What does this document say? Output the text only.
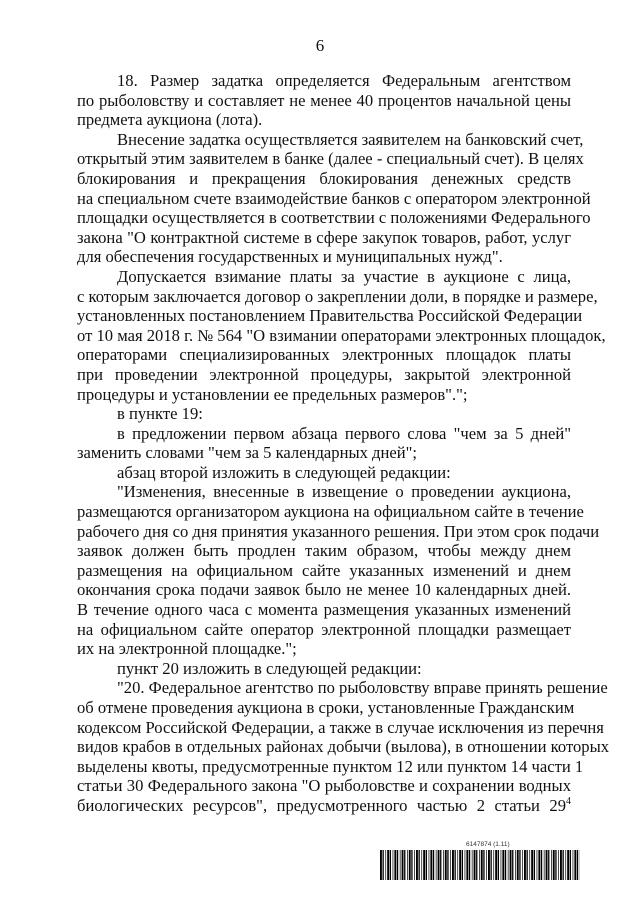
6
18. Размер задатка определяется Федеральным агентством
по рыболовству и составляет не менее 40 процентов начальной цены
предмета аукциона (лота).
Внесение задатка осуществляется заявителем на банковский счет,
открытый этим заявителем в банке (далее - специальный счет). В целях
блокирования и прекращения блокирования денежных средств
на специальном счете взаимодействие банков с оператором электронной
площадки осуществляется в соответствии с положениями Федерального
закона "О контрактной системе в сфере закупок товаров, работ, услуг
для обеспечения государственных и муниципальных нужд".
Допускается взимание платы за участие в аукционе с лица,
с которым заключается договор о закреплении доли, в порядке и размере,
установленных постановлением Правительства Российской Федерации
от 10 мая 2018 г. № 564 "О взимании операторами электронных площадок,
операторами специализированных электронных площадок платы
при проведении электронной процедуры, закрытой электронной
процедуры и установлении ее предельных размеров".";
в пункте 19:
в предложении первом абзаца первого слова "чем за 5 дней"
заменить словами "чем за 5 календарных дней";
абзац второй изложить в следующей редакции:
"Изменения, внесенные в извещение о проведении аукциона,
размещаются организатором аукциона на официальном сайте в течение
рабочего дня со дня принятия указанного решения. При этом срок подачи
заявок должен быть продлен таким образом, чтобы между днем
размещения на официальном сайте указанных изменений и днем
окончания срока подачи заявок было не менее 10 календарных дней.
В течение одного часа с момента размещения указанных изменений
на официальном сайте оператор электронной площадки размещает
их на электронной площадке.";
пункт 20 изложить в следующей редакции:
"20. Федеральное агентство по рыболовству вправе принять решение
об отмене проведения аукциона в сроки, установленные Гражданским
кодексом Российской Федерации, а также в случае исключения из перечня
видов крабов в отдельных районах добычи (вылова), в отношении которых
выделены квоты, предусмотренные пунктом 12 или пунктом 14 части 1
статьи 30 Федерального закона "О рыболовстве и сохранении водных
биологических ресурсов", предусмотренного частью 2 статьи $29^4$
6147874 (1.11)
